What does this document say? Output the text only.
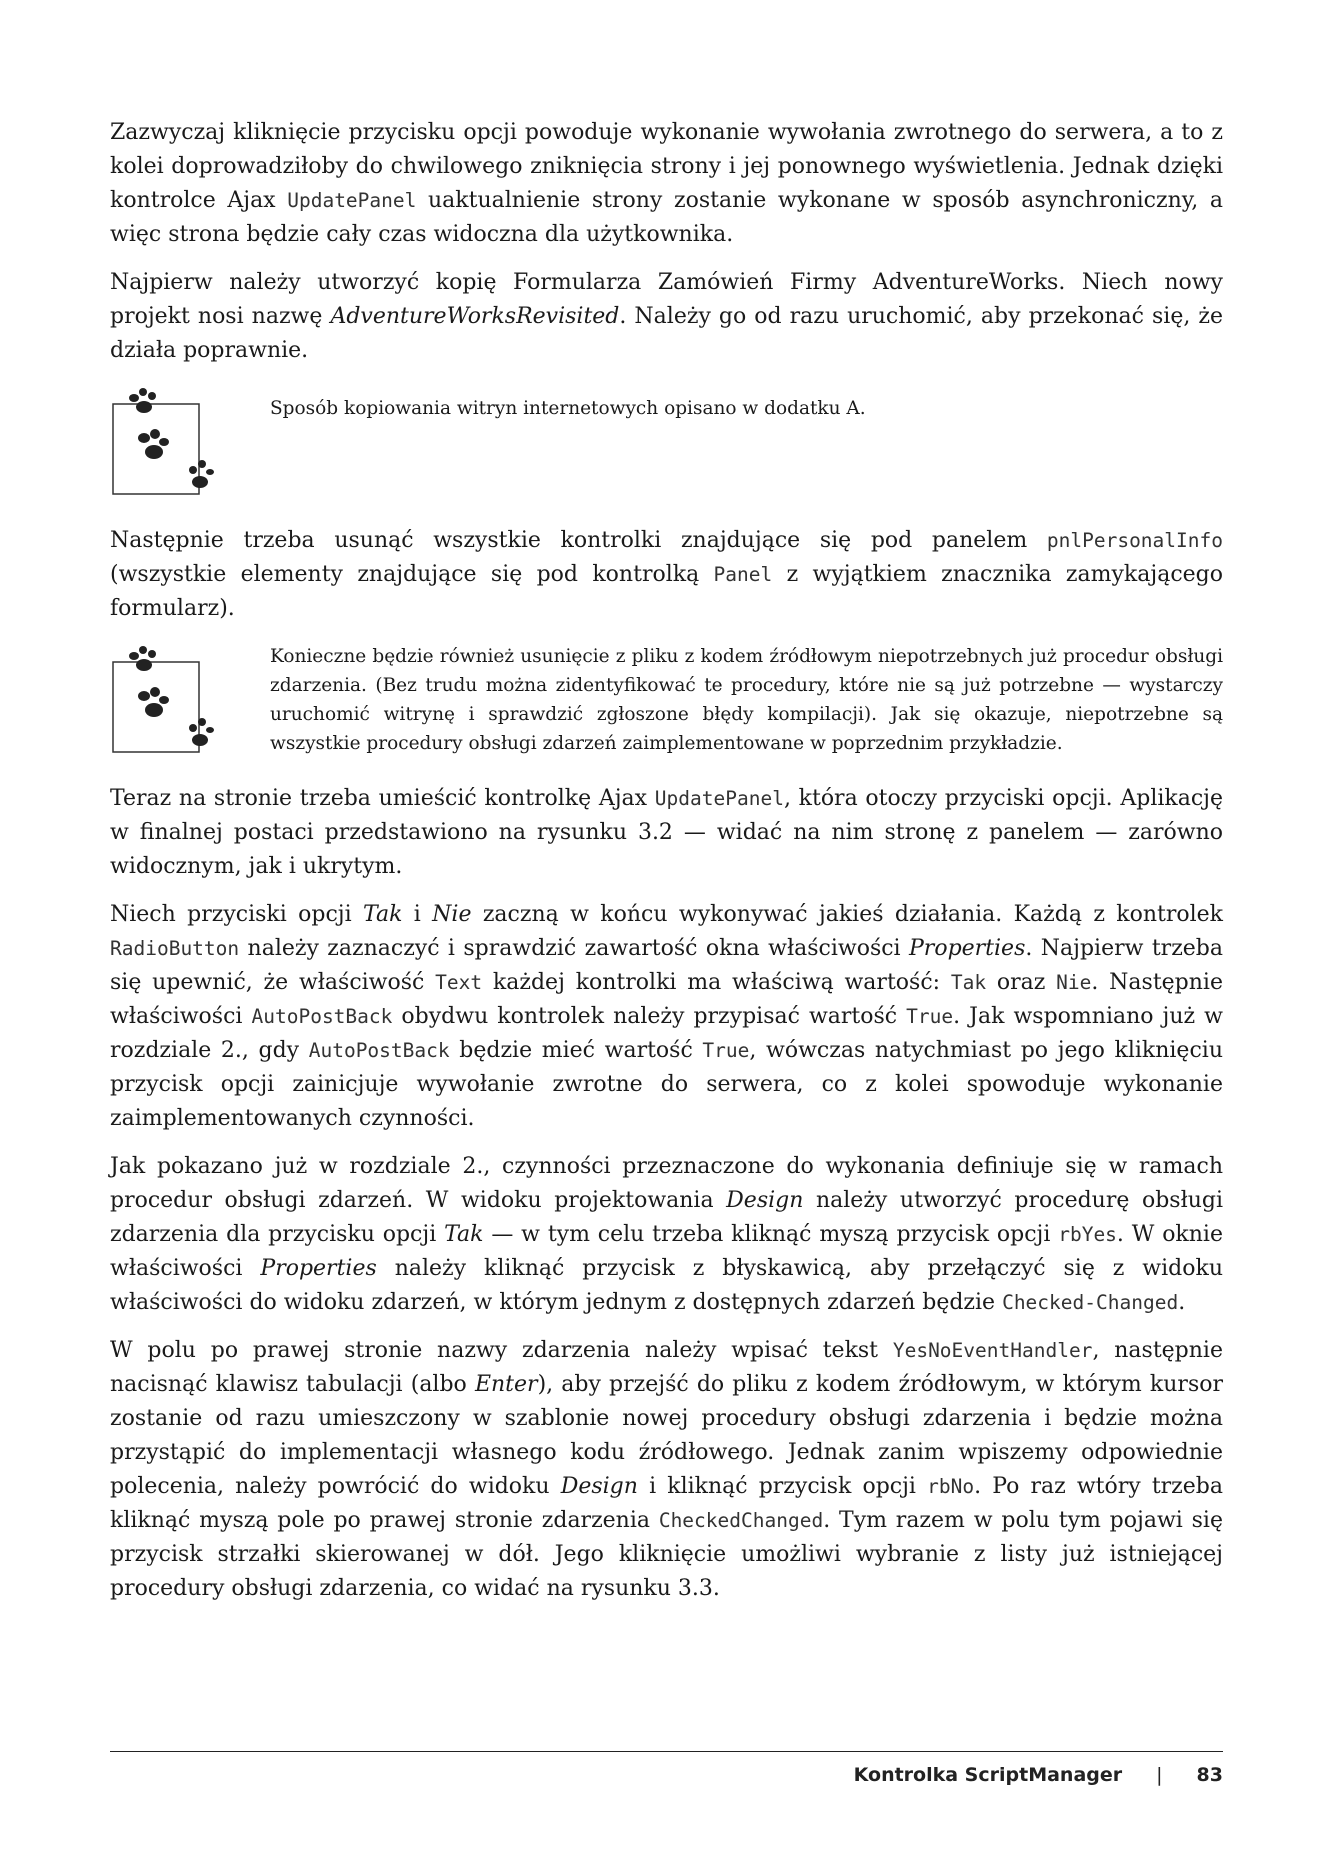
Zazwyczaj kliknięcie przycisku opcji powoduje wykonanie wywołania zwrotnego do serwera, a to z kolei doprowadziłoby do chwilowego zniknięcia strony i jej ponownego wyświetlenia. Jednak dzięki kontrolce Ajax UpdatePanel uaktualnienie strony zostanie wykonane w sposób asynchroniczny, a więc strona będzie cały czas widoczna dla użytkownika.

Najpierw należy utworzyć kopię Formularza Zamówień Firmy AdventureWorks. Niech nowy projekt nosi nazwę AdventureWorksRevisited. Należy go od razu uruchomić, aby przekonać się, że działa poprawnie.

Sposób kopiowania witryn internetowych opisano w dodatku A.

Następnie trzeba usunąć wszystkie kontrolki znajdujące się pod panelem pnlPersonalInfo (wszystkie elementy znajdujące się pod kontrolką Panel z wyjątkiem znacznika zamykającego formularz).

Konieczne będzie również usunięcie z pliku z kodem źródłowym niepotrzebnych już procedur obsługi zdarzenia. (Bez trudu można zidentyfikować te procedury, które nie są już potrzebne — wystarczy uruchomić witrynę i sprawdzić zgłoszone błędy kompilacji). Jak się okazuje, niepotrzebne są wszystkie procedury obsługi zdarzeń zaimplementowane w poprzednim przykładzie.

Teraz na stronie trzeba umieścić kontrolkę Ajax UpdatePanel, która otoczy przyciski opcji. Aplikację w finalnej postaci przedstawiono na rysunku 3.2 — widać na nim stronę z panelem — zarówno widocznym, jak i ukrytym.

Niech przyciski opcji Tak i Nie zaczną w końcu wykonywać jakieś działania. Każdą z kontrolek RadioButton należy zaznaczyć i sprawdzić zawartość okna właściwości Properties. Najpierw trzeba się upewnić, że właściwość Text każdej kontrolki ma właściwą wartość: Tak oraz Nie. Następnie właściwości AutoPostBack obydwu kontrolek należy przypisać wartość True. Jak wspomniano już w rozdziale 2., gdy AutoPostBack będzie mieć wartość True, wówczas natychmiast po jego kliknięciu przycisk opcji zainicjuje wywołanie zwrotne do serwera, co z kolei spowoduje wykonanie zaimplementowanych czynności.

Jak pokazano już w rozdziale 2., czynności przeznaczone do wykonania definiuje się w ramach procedur obsługi zdarzeń. W widoku projektowania Design należy utworzyć procedurę obsługi zdarzenia dla przycisku opcji Tak — w tym celu trzeba kliknąć myszą przycisk opcji rbYes. W oknie właściwości Properties należy kliknąć przycisk z błyskawicą, aby przełączyć się z widoku właściwości do widoku zdarzeń, w którym jednym z dostępnych zdarzeń będzie Checked-Changed.

W polu po prawej stronie nazwy zdarzenia należy wpisać tekst YesNoEventHandler, następnie nacisnąć klawisz tabulacji (albo Enter), aby przejść do pliku z kodem źródłowym, w którym kursor zostanie od razu umieszczony w szablonie nowej procedury obsługi zdarzenia i będzie można przystąpić do implementacji własnego kodu źródłowego. Jednak zanim wpiszemy odpowiednie polecenia, należy powrócić do widoku Design i kliknąć przycisk opcji rbNo. Po raz wtóry trzeba kliknąć myszą pole po prawej stronie zdarzenia CheckedChanged. Tym razem w polu tym pojawi się przycisk strzałki skierowanej w dół. Jego kliknięcie umożliwi wybranie z listy już istniejącej procedury obsługi zdarzenia, co widać na rysunku 3.3.

Kontrolka ScriptManager | 83
